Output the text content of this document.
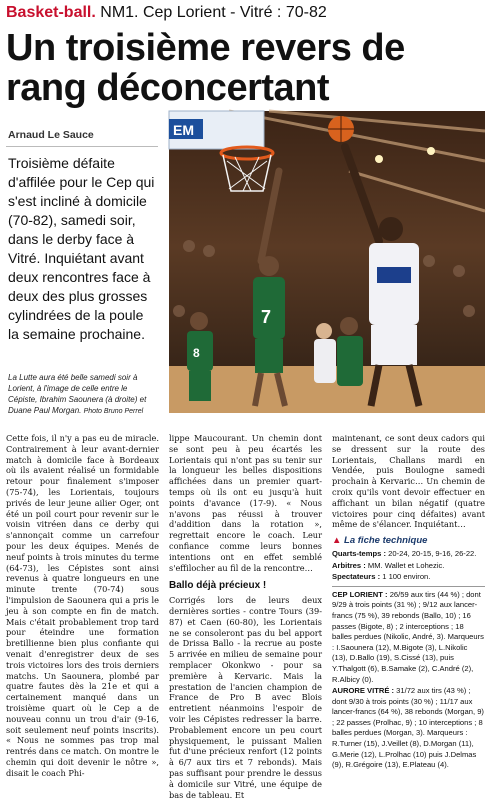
Basket-ball. NM1. Cep Lorient - Vitré : 70-82
Un troisième revers de rang déconcertant
Arnaud Le Sauce
Troisième défaite d'affilée pour le Cep qui s'est incliné à domicile (70-82), samedi soir, dans le derby face à Vitré. Inquiétant avant deux rencontres face à deux des plus grosses cylindrées de la poule la semaine prochaine.
La Lutte aura été belle samedi soir à Lorient, à l'image de celle entre le Cépiste, Ibrahim Saounera (à droite) et Duane Paul Morgan. Photo Bruno Perrel
EM
8
7

Cette fois, il n'y a pas eu de miracle. Contrairement à leur avant-dernier match à domicile face à Bordeaux où ils avaient réalisé un formidable retour pour finalement s'imposer (75-74), les Lorientais, toujours privés de leur jeune ailier Oger, ont été un poil court pour revenir sur le voisin vitréen dans ce derby qui s'annonçait comme un carrefour pour les deux équipes. Menés de neuf points à trois minutes du terme (64-73), les Cépistes sont ainsi revenus à quatre longueurs en une minute trente (70-74) sous l'impulsion de Saounera qui a pris le jeu à son compte en fin de match. Mais c'était probablement trop tard pour éteindre une formation bretillienne bien plus confiante qui venait d'enregistrer deux de ses trois victoires lors des trois derniers matchs. Un Saounera, plombé par quatre fautes dès la 21e et qui a certainement manqué dans un troisième quart où le Cep a de nouveau connu un trou d'air (9-16, soit seulement neuf points inscrits). « Nous ne sommes pas trop mal rentrés dans ce match. On montre le chemin qui doit devenir le nôtre », disait le coach Phi-

lippe Maucourant. Un chemin dont se sont peu à peu écartés les Lorientais qui n'ont pas su tenir sur la longueur les belles dispositions affichées dans un premier quart-temps où ils ont eu jusqu'à huit points d'avance (17-9). « Nous n'avons pas réussi à trouver d'addition dans la rotation », regrettait encore le coach. Leur confiance comme leurs bonnes intentions ont en effet semblé s'effilocher au fil de la rencontre…

Ballo déjà précieux !

Corrigés lors de leurs deux dernières sorties - contre Tours (39-87) et Caen (60-80), les Lorientais ne se consoleront pas du bel apport de Drissa Ballo - la recrue au poste 5 arrivée en milieu de semaine pour remplacer Okonkwo - pour sa première à Kervaric. Mais la prestation de l'ancien champion de France de Pro B avec Blois entretient néanmoins l'espoir de voir les Cépistes redresser la barre. Probablement encore un peu court physiquement, le puissant Malien fut d'une précieux renfort (12 points à 6/7 aux tirs et 7 rebonds). Mais pas suffisant pour prendre le dessus à domicile sur Vitré, une équipe de bas de tableau. Et

maintenant, ce sont deux cadors qui se dressent sur la route des Lorientais, Challans mardi en Vendée, puis Boulogne samedi prochain à Kervaric… Un chemin de croix qu'ils vont devoir effectuer en affichant un bilan négatif (quatre victoires pour cinq défaites) avant même de s'élancer. Inquiétant…

▲ La fiche technique

Quarts-temps : 20-24, 20-15, 9-16, 26-22.

Arbitres : MM. Wallet et Lohezic.

Spectateurs : 1 100 environ.

CEP LORIENT : 26/59 aux tirs (44 %) ; dont 9/29 à trois points (31 %) ; 9/12 aux lancer-francs (75 %), 39 rebonds (Ballo, 10) ; 16 passes (Bigote, 8) ; 2 interceptions ; 18 balles perdues (Nikolic, André, 3). Marqueurs : I.Saounera (12), M.Bigote (3), L.Nikolic (13), D.Ballo (19), S.Cissé (13), puis Y.Thalgott (6), B.Samake (2), C.André (2), R.Albicy (0).

AURORE VITRÉ : 31/72 aux tirs (43 %) ; dont 9/30 à trois points (30 %) ; 11/17 aux lancer-francs (64 %), 38 rebonds (Morgan, 9) ; 22 passes (Prolhac, 9) ; 10 interceptions ; 8 balles perdues (Morgan, 3). Marqueurs : R.Turner (15), J.Veillet (8), D.Morgan (11), G.Merie (12), L.Prolhac (10) puis J.Delmas (9), R.Grégoire (13), E.Plateau (4).
